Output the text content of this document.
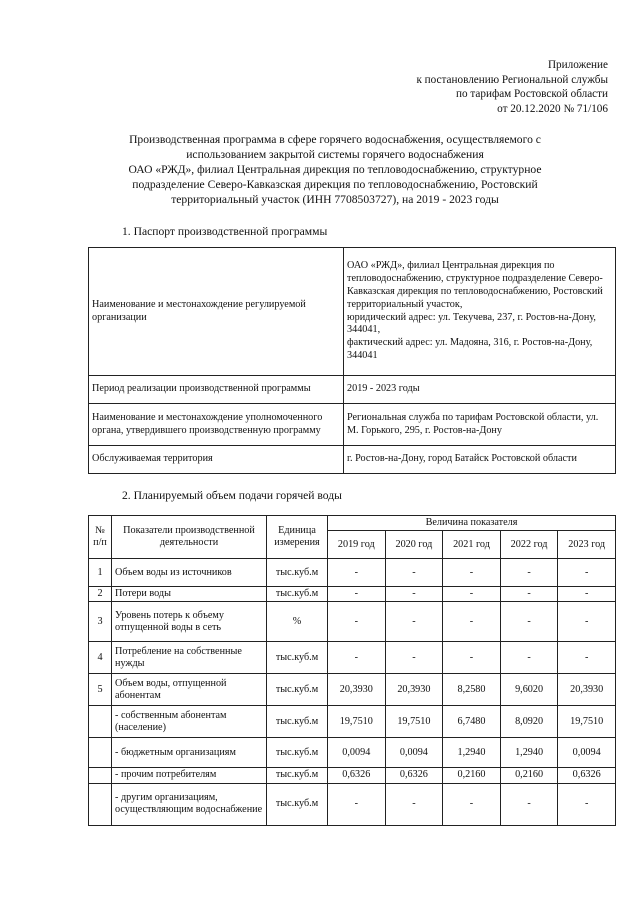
Приложение
к постановлению Региональной службы
по тарифам Ростовской области
от 20.12.2020 № 71/106
Производственная программа в сфере горячего водоснабжения, осуществляемого с
использованием закрытой системы горячего водоснабжения
ОАО «РЖД», филиал Центральная дирекция по тепловодоснабжению, структурное
подразделение Северо-Кавказская дирекция по тепловодоснабжению, Ростовский
территориальный участок (ИНН 7708503727), на 2019 - 2023 годы
1. Паспорт производственной программы
Наименование и местонахождение регулируемой организации	ОАО «РЖД», филиал Центральная дирекция по тепловодоснабжению, структурное подразделение Северо-Кавказская дирекция по тепловодоснабжению, Ростовский территориальный участок,
юридический адрес: ул. Текучева, 237, г. Ростов-на-Дону, 344041,
фактический адрес: ул. Мадояна, 316, г. Ростов-на-Дону, 344041

Период реализации производственной программы	2019 - 2023 годы
Наименование и местонахождение уполномоченного органа, утвердившего производственную программу	Региональная служба по тарифам Ростовской области, ул. М. Горького, 295, г. Ростов-на-Дону
Обслуживаемая территория	г. Ростов-на-Дону, город Батайск Ростовской области
2. Планируемый объем подачи горячей воды
№ п/п	Показатели производственной деятельности	Единица измерения	Величина показателя				
			2019 год	2020 год	2021 год	2022 год	2023 год
1	Объем воды из источников	тыс.куб.м	-	-	-	-	-
2	Потери воды	тыс.куб.м	-	-	-	-	-
3	Уровень потерь к объему отпущенной воды в сеть	%	-	-	-	-	-
4	Потребление на собственные нужды	тыс.куб.м	-	-	-	-	-
5	Объем воды, отпущенной абонентам	тыс.куб.м	20,3930	20,3930	8,2580	9,6020	20,3930
	- собственным абонентам (население)	тыс.куб.м	19,7510	19,7510	6,7480	8,0920	19,7510
	- бюджетным организациям	тыс.куб.м	0,0094	0,0094	1,2940	1,2940	0,0094
	- прочим потребителям	тыс.куб.м	0,6326	0,6326	0,2160	0,2160	0,6326
	- другим организациям, осуществляющим водоснабжение	тыс.куб.м	-	-	-	-	-
